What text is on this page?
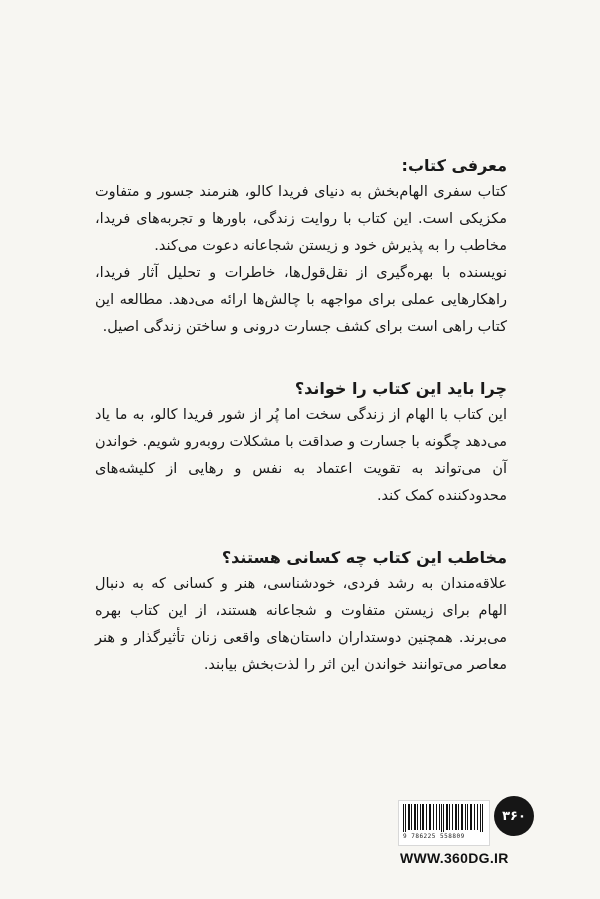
معرفی کتاب:

کتاب سفری الهام‌بخش به دنیای فریدا کالو، هنرمند جسور و متفاوت مکزیکی است. این کتاب با روایت زندگی، باورها و تجربه‌های فریدا، مخاطب را به پذیرش خود و زیستن شجاعانه دعوت می‌کند.

نویسنده با بهره‌گیری از نقل‌قول‌ها، خاطرات و تحلیل آثار فریدا، راهکارهایی عملی برای مواجهه با چالش‌ها ارائه می‌دهد. مطالعه این کتاب راهی است برای کشف جسارت درونی و ساختن زندگی اصیل.

چرا باید این کتاب را خواند؟

این کتاب با الهام از زندگی سخت اما پُر از شور فریدا کالو، به ما یاد می‌دهد چگونه با جسارت و صداقت با مشکلات روبه‌رو شویم. خواندن آن می‌تواند به تقویت اعتماد به نفس و رهایی از کلیشه‌های محدودکننده کمک کند.

مخاطب این کتاب چه کسانی هستند؟

علاقه‌مندان به رشد فردی، خودشناسی، هنر و کسانی که به دنبال الهام برای زیستن متفاوت و شجاعانه هستند، از این کتاب بهره می‌برند. همچنین دوستداران داستان‌های واقعی زنان تأثیرگذار و هنر معاصر می‌توانند خواندن این اثر را لذت‌بخش بیابند.

9 786225 558809
۳۶۰
WWW.360DG.IR
